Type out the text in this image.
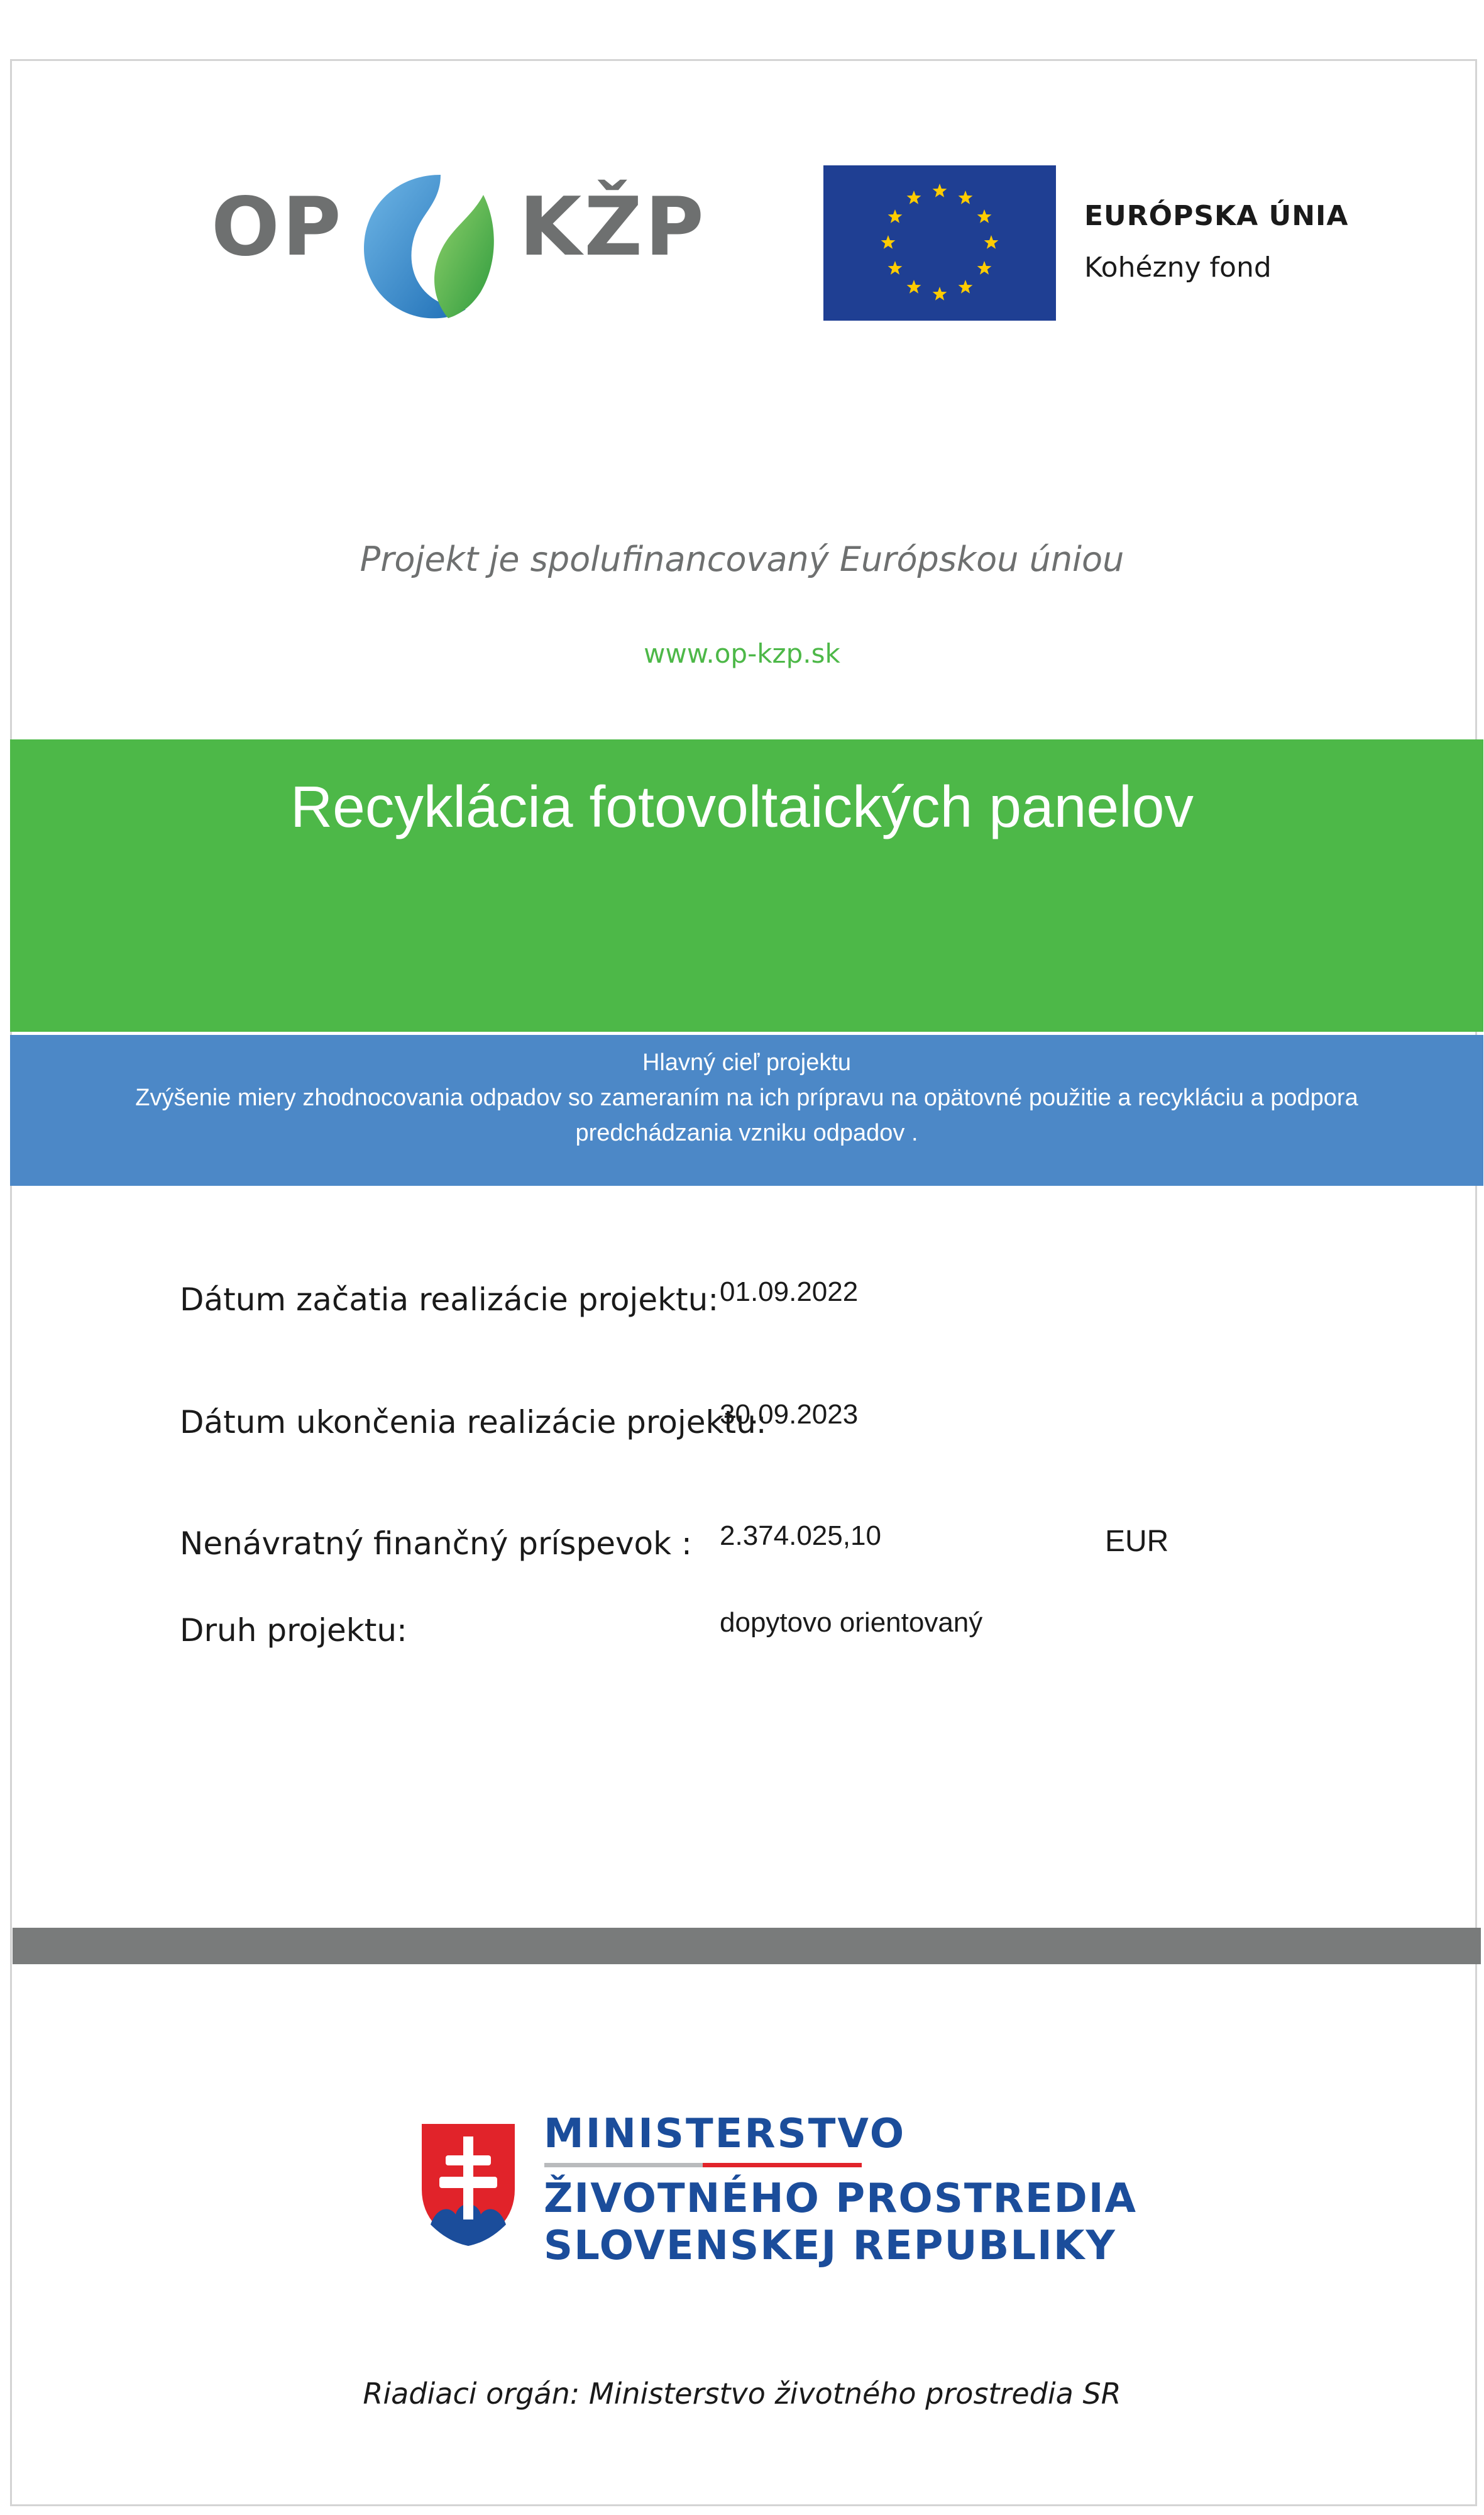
OP KŽP	EURÓPSKA ÚNIA
Kohézny fond
Projekt je spolufinancovaný Európskou úniou
www.op-kzp.sk
Recyklácia fotovoltaických panelov
Hlavný cieľ projektu
Zvýšenie miery zhodnocovania odpadov so zameraním na ich prípravu na opätovné použitie a recykláciu a podpora
predchádzania vzniku odpadov .
Dátum začatia realizácie projektu: 01.09.2022
Dátum ukončenia realizácie projektu:
30.09.2023
Nenávratný finančný príspevok : 2.374.025,10	EUR
Druh projektu:	dopytovo orientovaný
MINISTERSTVO
ŽIVOTNÉHO PROSTREDIA
SLOVENSKEJ REPUBLIKY
Riadiaci orgán: Ministerstvo životného prostredia SR
